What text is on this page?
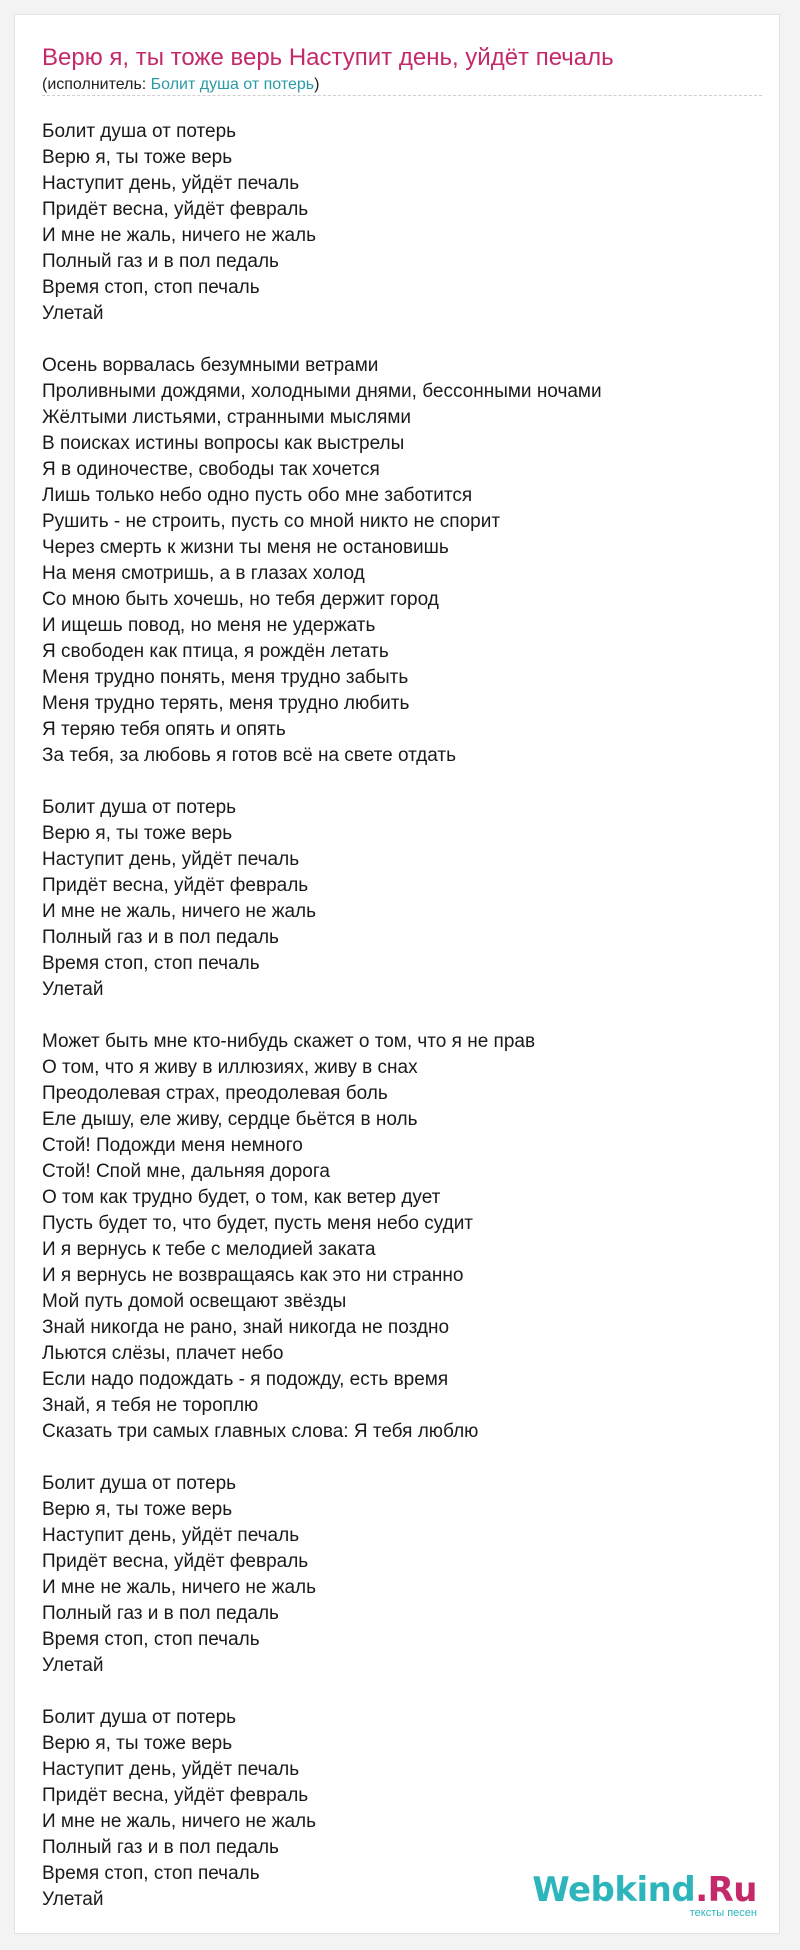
Верю я, ты тоже верь Наступит день, уйдёт печаль
(исполнитель: Болит душа от потерь)
Болит душа от потерь
Верю я, ты тоже верь
Наступит день, уйдёт печаль
Придёт весна, уйдёт февраль
И мне не жаль, ничего не жаль
Полный газ и в пол педаль
Время стоп, стоп печаль
Улетай
Осень ворвалась безумными ветрами
Проливными дождями, холодными днями, бессонными ночами
Жёлтыми листьями, странными мыслями
В поисках истины вопросы как выстрелы
Я в одиночестве, свободы так хочется
Лишь только небо одно пусть обо мне заботится
Рушить - не строить, пусть со мной никто не спорит
Через смерть к жизни ты меня не остановишь
На меня смотришь, а в глазах холод
Со мною быть хочешь, но тебя держит город
И ищешь повод, но меня не удержать
Я свободен как птица, я рождён летать
Меня трудно понять, меня трудно забыть
Меня трудно терять, меня трудно любить
Я теряю тебя опять и опять
За тебя, за любовь я готов всё на свете отдать
Болит душа от потерь
Верю я, ты тоже верь
Наступит день, уйдёт печаль
Придёт весна, уйдёт февраль
И мне не жаль, ничего не жаль
Полный газ и в пол педаль
Время стоп, стоп печаль
Улетай
Может быть мне кто-нибудь скажет о том, что я не прав
О том, что я живу в иллюзиях, живу в снах
Преодолевая страх, преодолевая боль
Еле дышу, еле живу, сердце бьётся в ноль
Стой! Подожди меня немного
Стой! Спой мне, дальняя дорога
О том как трудно будет, о том, как ветер дует
Пусть будет то, что будет, пусть меня небо судит
И я вернусь к тебе с мелодией заката
И я вернусь не возвращаясь как это ни странно
Мой путь домой освещают звёзды
Знай никогда не рано, знай никогда не поздно
Льются слёзы, плачет небо
Если надо подождать - я подожду, есть время
Знай, я тебя не тороплю
Сказать три самых главных слова: Я тебя люблю
Болит душа от потерь
Верю я, ты тоже верь
Наступит день, уйдёт печаль
Придёт весна, уйдёт февраль
И мне не жаль, ничего не жаль
Полный газ и в пол педаль
Время стоп, стоп печаль
Улетай
Болит душа от потерь
Верю я, ты тоже верь
Наступит день, уйдёт печаль
Придёт весна, уйдёт февраль
И мне не жаль, ничего не жаль
Полный газ и в пол педаль
Время стоп, стоп печаль
Улетай	Webkind.Ru
тексты песен
